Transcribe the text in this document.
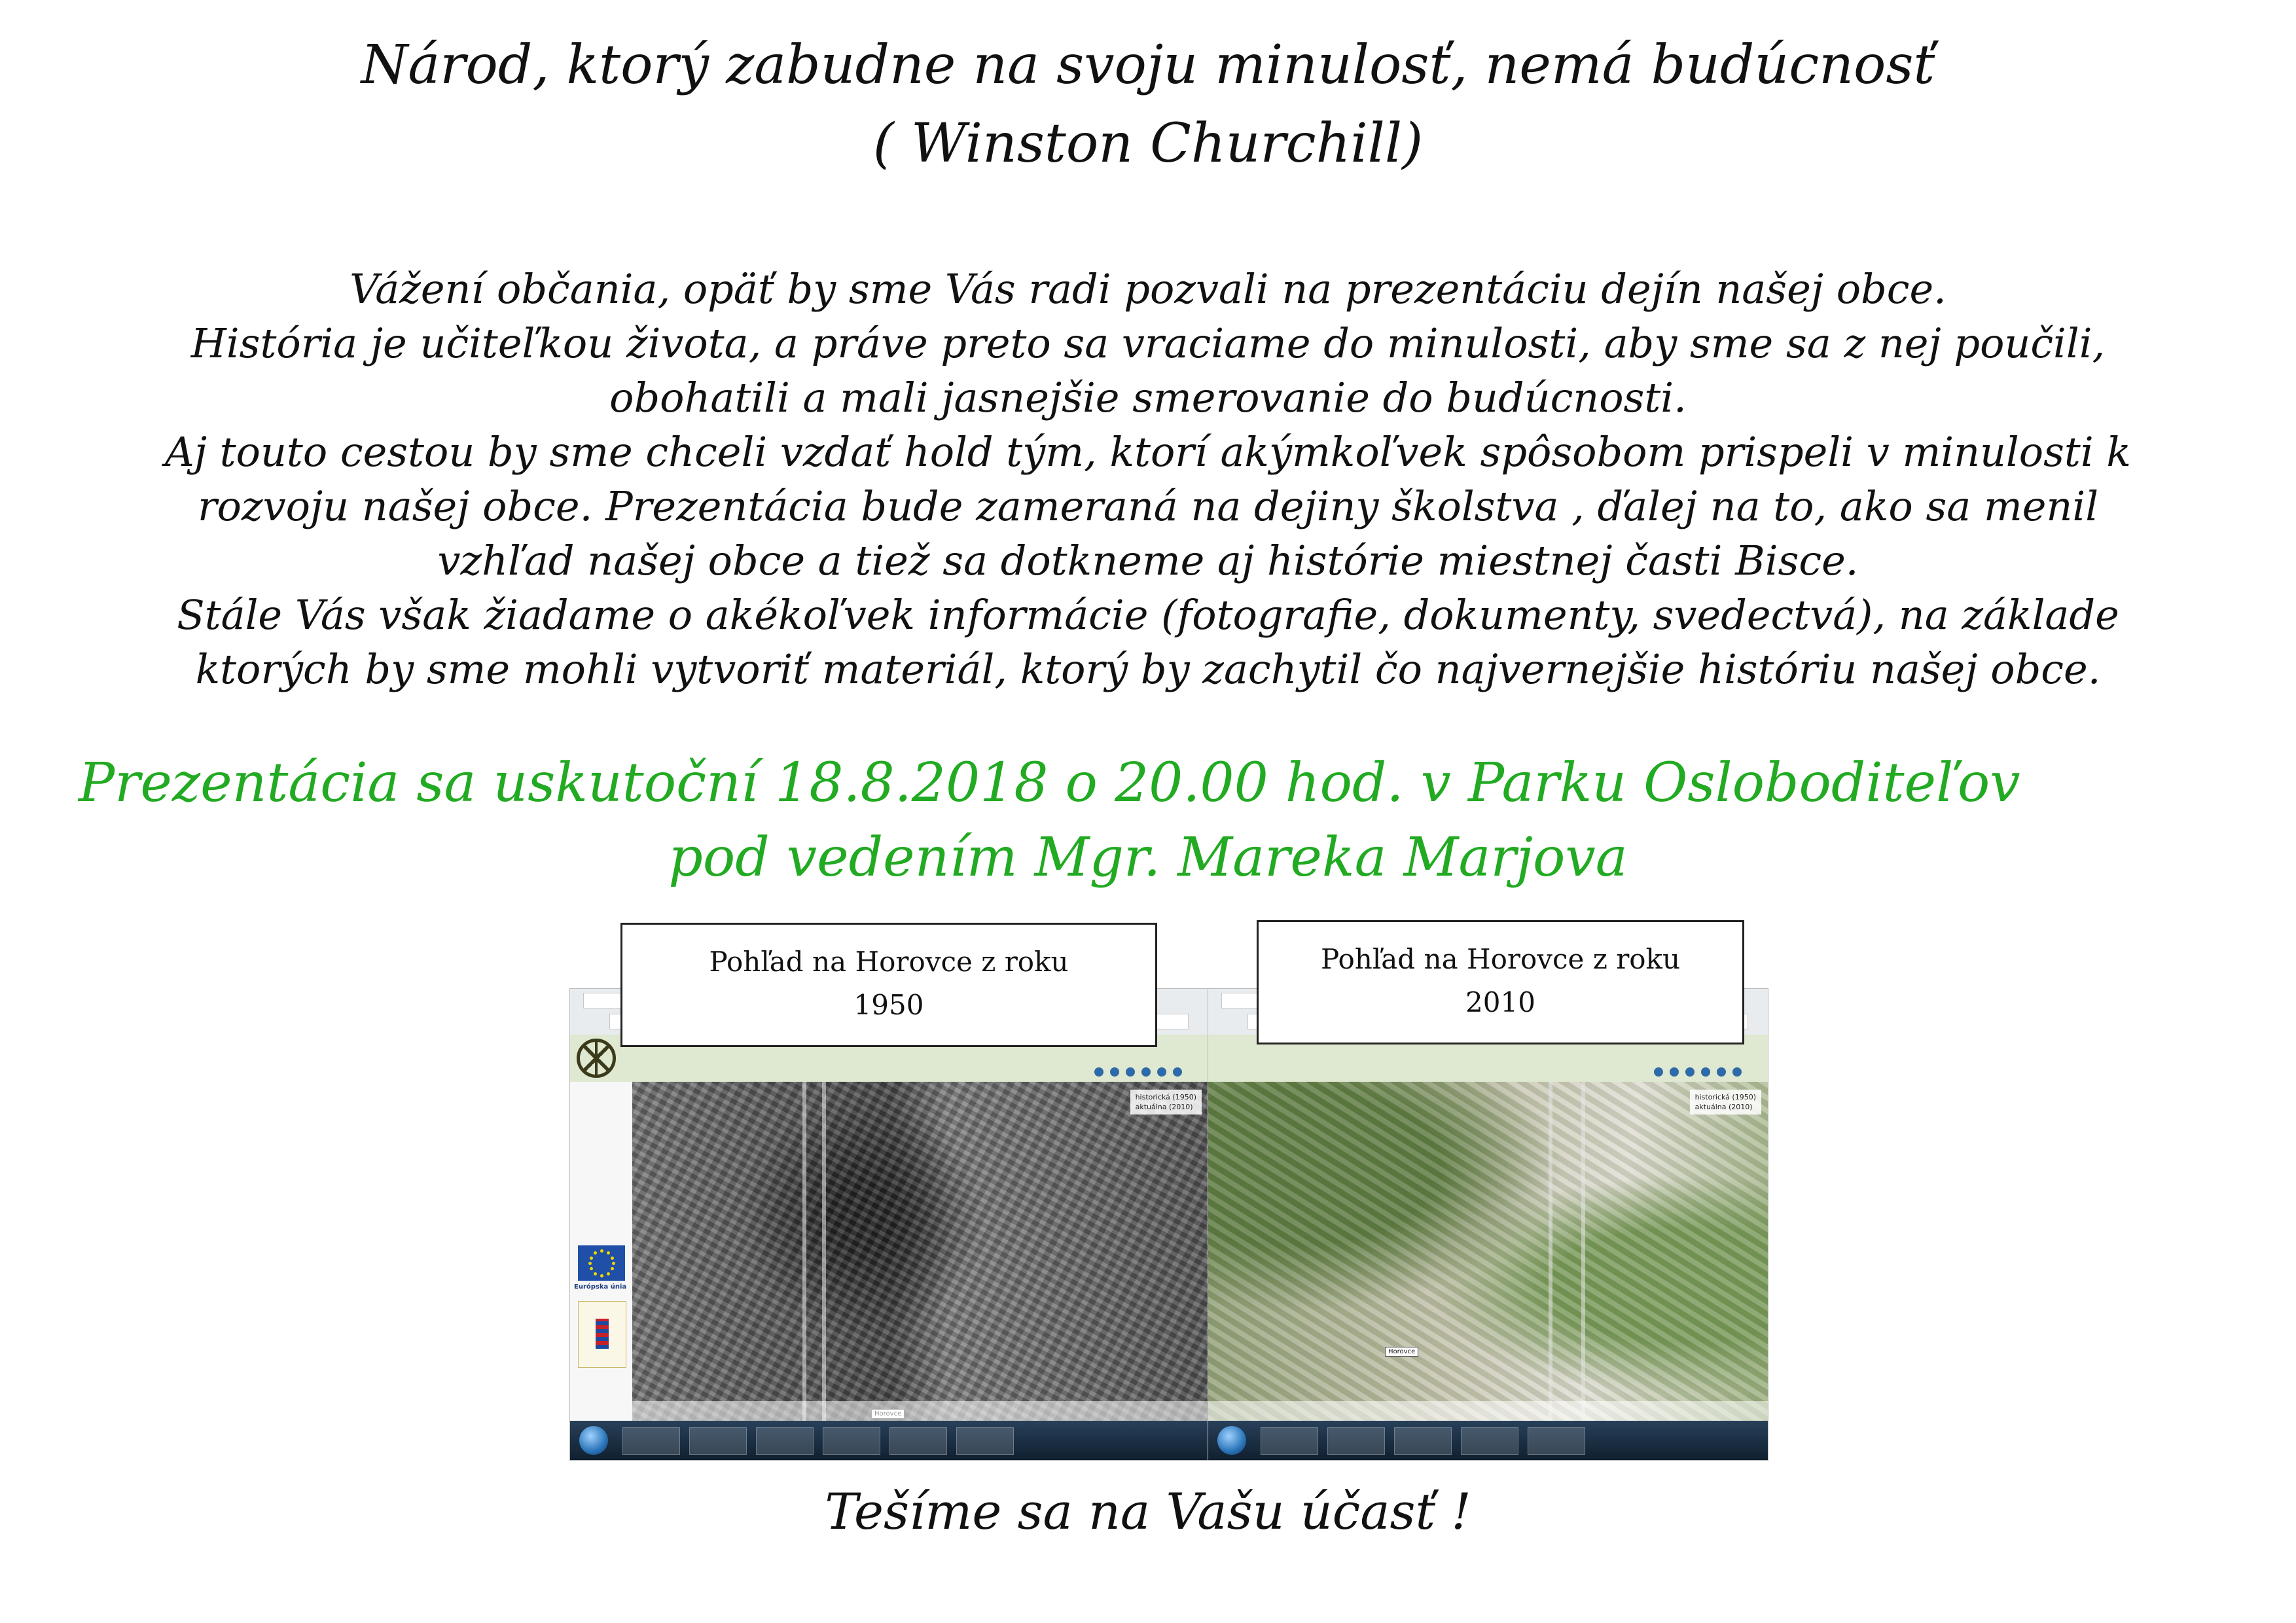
Národ, ktorý zabudne na svoju minulosť, nemá budúcnosť
( Winston Churchill)
Vážení občania, opäť by sme Vás radi pozvali na prezentáciu dejín našej obce.
História je učiteľkou života, a práve preto sa vraciame do minulosti, aby sme sa z nej poučili,
obohatili a mali jasnejšie smerovanie do budúcnosti.
Aj touto cestou by sme chceli vzdať hold tým, ktorí akýmkoľvek spôsobom prispeli v minulosti k
rozvoju našej obce. Prezentácia bude zameraná na dejiny školstva , ďalej na to, ako sa menil
vzhľad našej obce a tiež sa dotkneme aj histórie miestnej časti Bisce.
Stále Vás však žiadame o akékoľvek informácie (fotografie, dokumenty, svedectvá), na základe
ktorých by sme mohli vytvoriť materiál, ktorý by zachytil čo najvernejšie históriu našej obce.
Prezentácia sa uskutoční 18.8.2018 o 20.00 hod. v Parku Osloboditeľov
pod vedením Mgr. Mareka Marjova
Európska únia
historická (1950)
aktuálna (2010)
historická (1950)
aktuálna (2010)
Horovce
Pohľad na Horovce z roku
1950
Pohľad na Horovce z roku
2010
Tešíme sa na Vašu účasť !
